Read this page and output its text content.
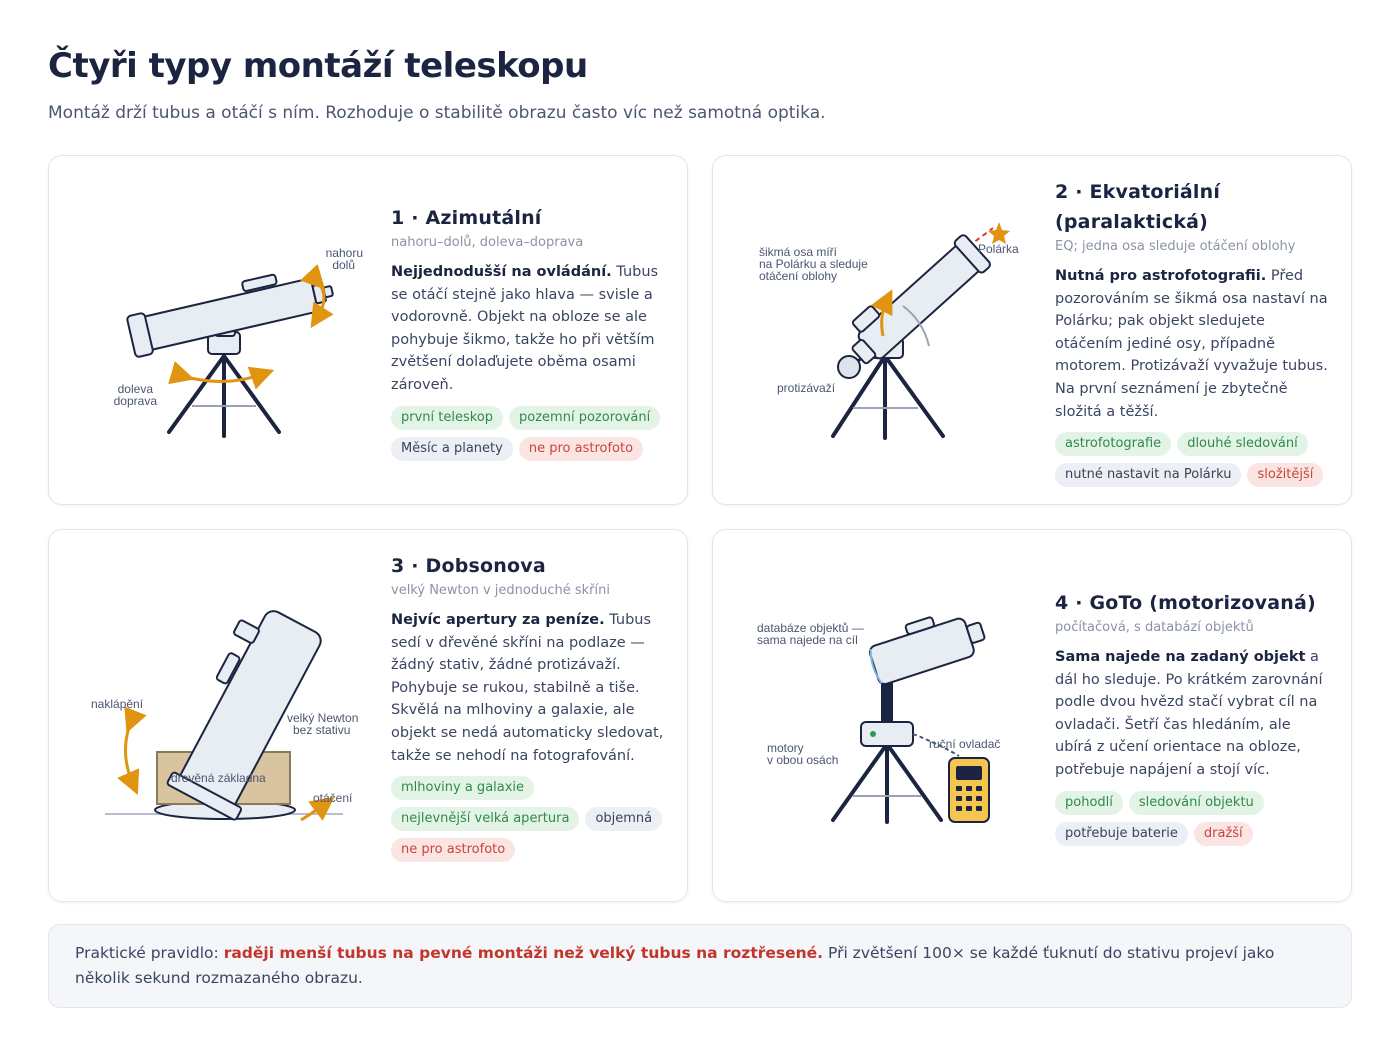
Čtyři typy montáží teleskopu
Montáž drží tubus a otáčí s ním. Rozhoduje o stabilitě obrazu často víc než samotná optika.
nahoru
dolů
doleva
doprava
1 · Azimutální
nahoru–dolů, doleva–doprava
Nejjednodušší na ovládání. Tubus se otáčí stejně jako hlava — svisle a vodorovně. Objekt na obloze se ale pohybuje šikmo, takže ho při větším zvětšení dolaďujete oběma osami zároveň.
první teleskop	pozemní pozorování
Měsíc a planety	ne pro astrofoto
šikmá osa míří
na Polárku a sleduje
otáčení oblohy
Polárka
protizávaží
2 · Ekvatoriální (paralaktická)
EQ; jedna osa sleduje otáčení oblohy
Nutná pro astrofotografii. Před pozorováním se šikmá osa nastaví na Polárku; pak objekt sledujete otáčením jediné osy, případně motorem. Protizávaží vyvažuje tubus. Na první seznámení je zbytečně složitá a těžší.
astrofotografie	dlouhé sledování
nutné nastavit na Polárku	složitější
naklápění
velký Newton
bez stativu
dřevěná základna
otáčení
3 · Dobsonova
velký Newton v jednoduché skříni
Nejvíc apertury za peníze. Tubus sedí v dřevěné skříni na podlaze — žádný stativ, žádné protizávaží. Pohybuje se rukou, stabilně a tiše. Skvělá na mlhoviny a galaxie, ale objekt se nedá automaticky sledovat, takže se nehodí na fotografování.
mlhoviny a galaxie
nejlevnější velká apertura	objemná
ne pro astrofoto
databáze objektů —
sama najede na cíl
motory
v obou osách
ruční ovladač
4 · GoTo (motorizovaná)
počítačová, s databází objektů
Sama najede na zadaný objekt a dál ho sleduje. Po krátkém zarovnání podle dvou hvězd stačí vybrat cíl na ovladači. Šetří čas hledáním, ale ubírá z učení orientace na obloze, potřebuje napájení a stojí víc.
pohodlí	sledování objektu
potřebuje baterie	dražší
Praktické pravidlo: raději menší tubus na pevné montáži než velký tubus na roztřesené. Při zvětšení 100× se každé ťuknutí do stativu projeví jako několik sekund rozmazaného obrazu.
